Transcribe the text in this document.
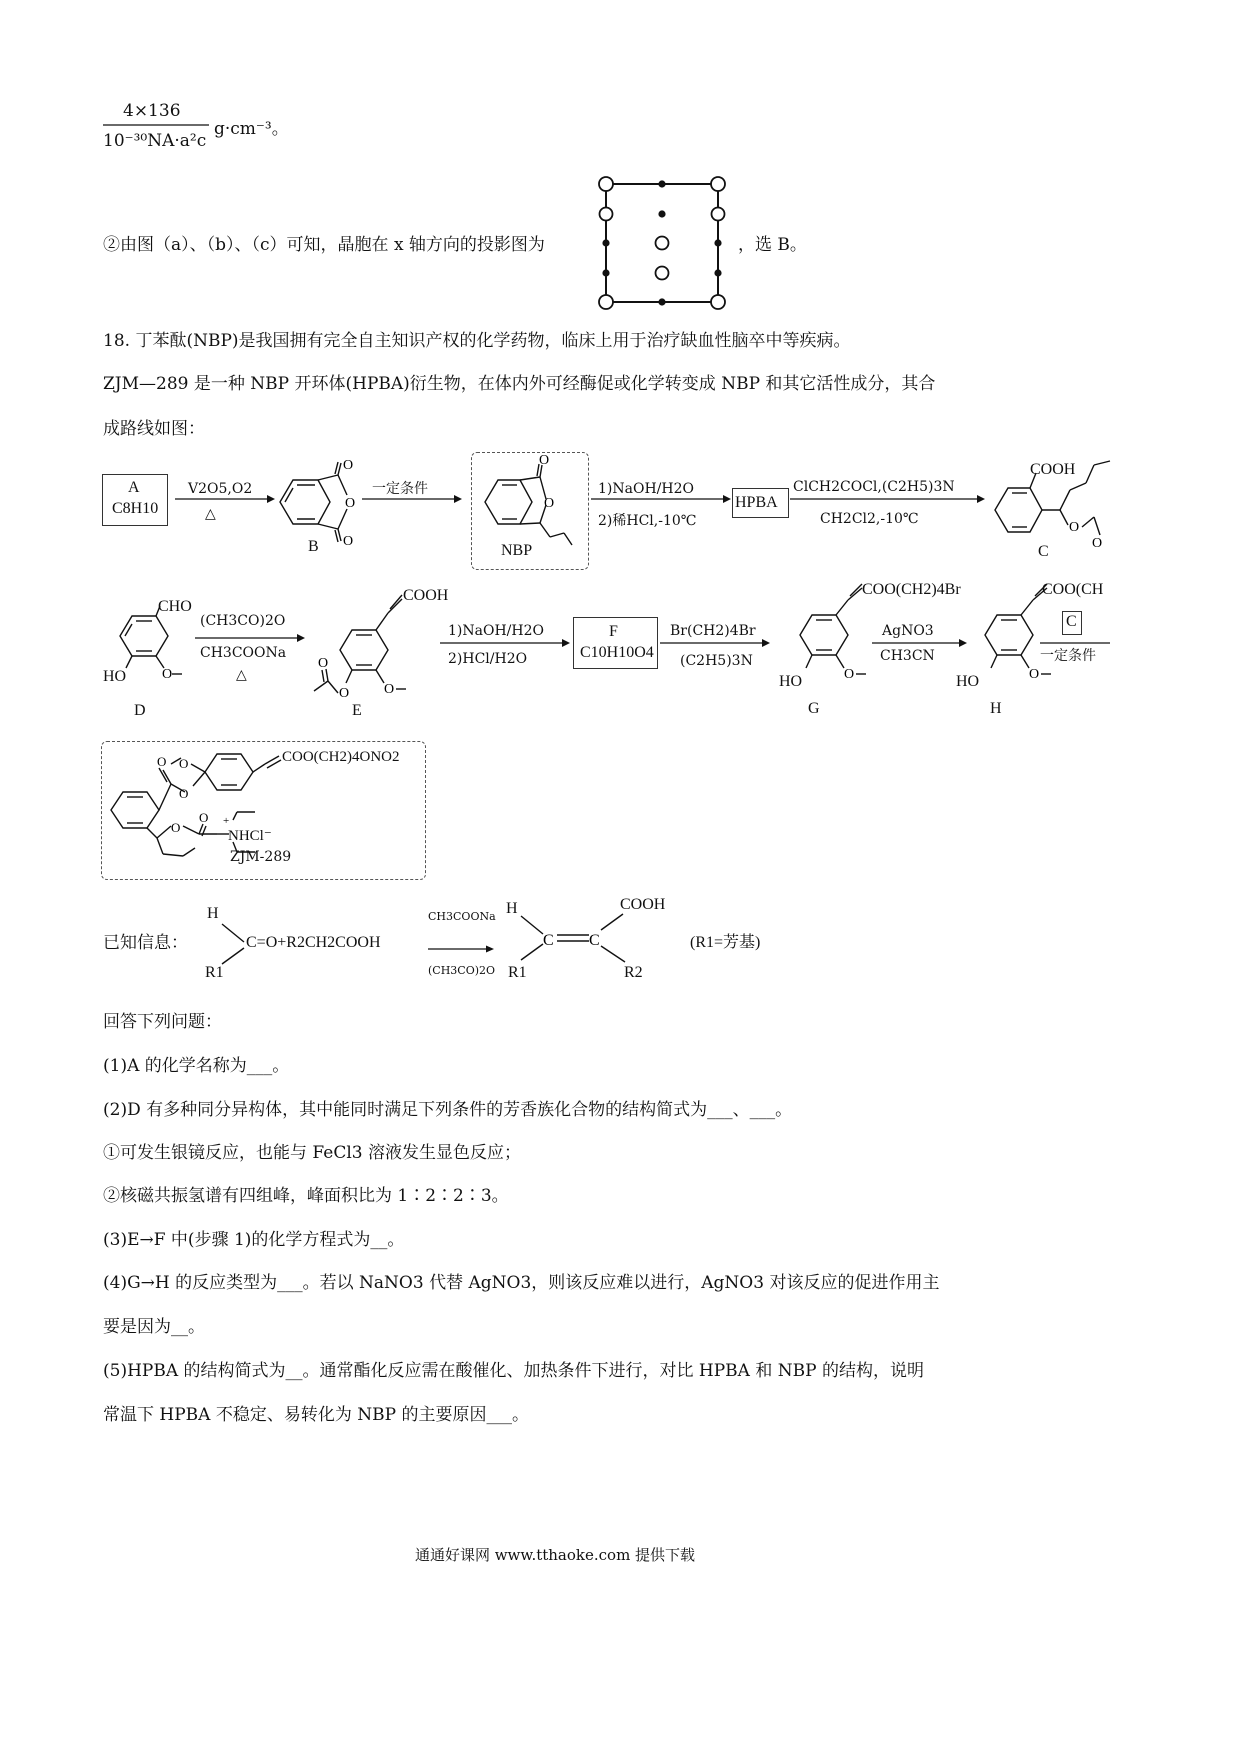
4×136
10⁻³⁰NA·a²c
g·cm⁻³。
②由图（a）、（b）、（c）可知，晶胞在 x 轴方向的投影图为	，选 B。
18. 丁苯酞(NBP)是我国拥有完全自主知识产权的化学药物，临床上用于治疗缺血性脑卒中等疾病。
ZJM—289 是一种 NBP 开环体(HPBA)衍生物，在体内外可经酶促或化学转变成 NBP 和其它活性成分，其合
成路线如图：
A
C8H10
V2O5,O2
△
O
O
O
B
一定条件
O
O
NBP
1)NaOH/H2O
2)稀HCl,-10℃
HPBA
ClCH2COCl,(C2H5)3N
CH2Cl2,-10℃
O
O
COOH
C
O
CHO
HO
D
(CH3CO)2O
CH3COONa
△
O
O O
COOH
E
1)NaOH/H2O
2)HCl/H2O
F
C10H10O4
Br(CH2)4Br
(C2H5)3N
O
COO(CH2)4Br
HO
G
AgNO3
CH3CN
O
COO(CH
HO
H
C
一定条件
O
O
O
O
O +
COO(CH2)4ONO2
NHCl⁻
ZJM-289
已知信息：
H
R1
C=O+R2CH2COOH
CH3COONa
(CH3CO)2O
H	COOH
R1	R2
C C	(R1=芳基)
回答下列问题：
(1)A 的化学名称为___。
(2)D 有多种同分异构体，其中能同时满足下列条件的芳香族化合物的结构简式为___、___。
①可发生银镜反应，也能与 FeCl3 溶液发生显色反应；
②核磁共振氢谱有四组峰，峰面积比为 1∶2∶2∶3。
(3)E→F 中(步骤 1)的化学方程式为__。
(4)G→H 的反应类型为___。若以 NaNO3 代替 AgNO3，则该反应难以进行，AgNO3 对该反应的促进作用主
要是因为__。
(5)HPBA 的结构简式为__。通常酯化反应需在酸催化、加热条件下进行，对比 HPBA 和 NBP 的结构，说明
常温下 HPBA 不稳定、易转化为 NBP 的主要原因___。
通通好课网 www.tthaoke.com 提供下载
